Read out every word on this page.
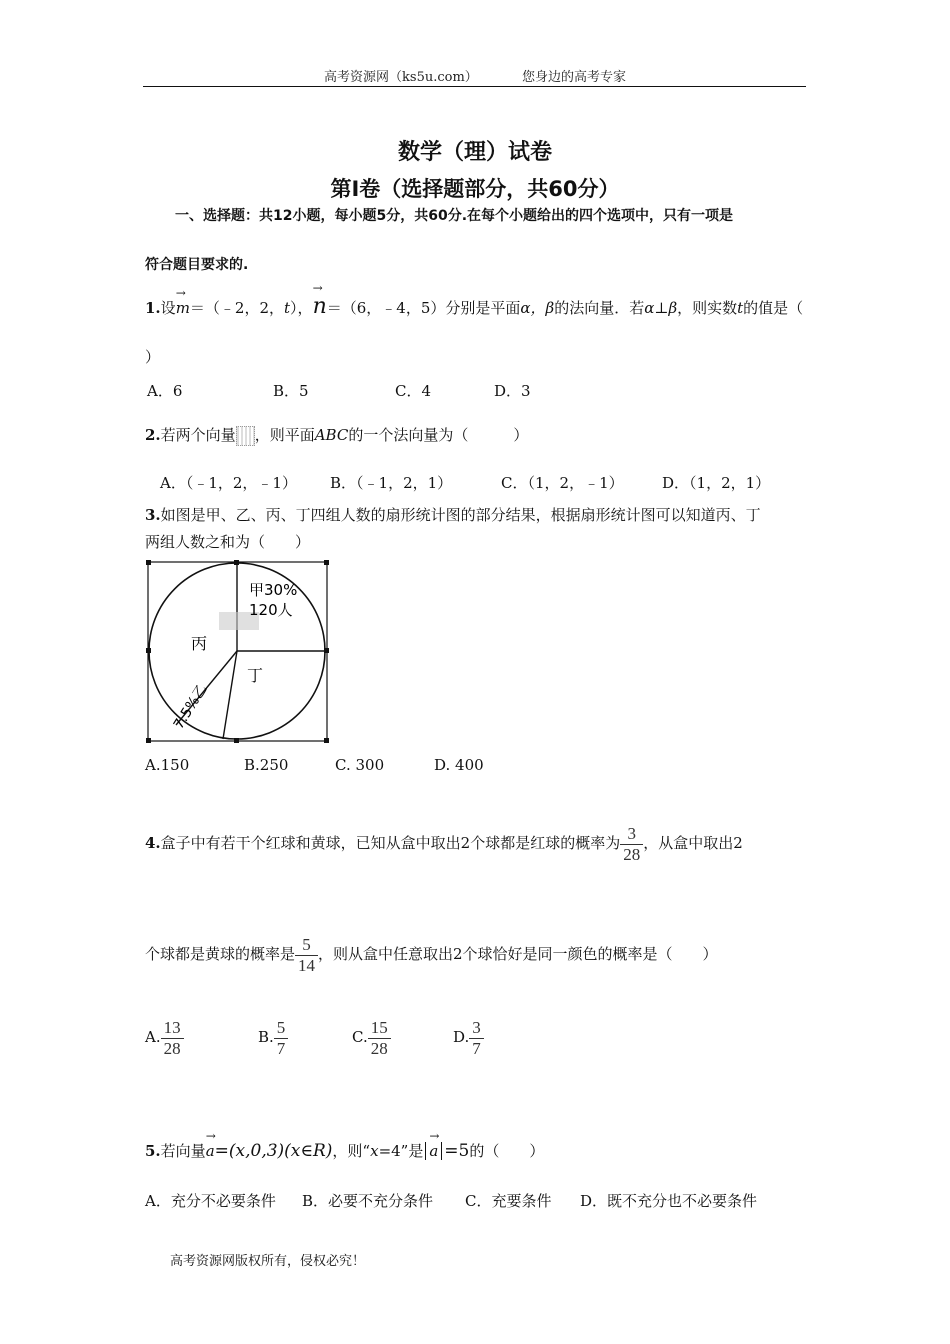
高考资源网（ks5u.com）	您身边的高考专家
数学（理）试卷
第Ⅰ卷（选择题部分，共60分）
一、选择题：共12小题，每小题5分，共60分.在每个小题给出的四个选项中，只有一项是
符合题目要求的.
1.设→ m＝（﹣2，2，t），→ n＝（6，﹣4，5）分别是平面α，β的法向量．若α⊥β，则实数t的值是（
）
A．6	B．5	C．4	D．3
2.若两个向量 ，则平面ABC的一个法向量为（　　　）
A．（﹣1，2，﹣1） B．（﹣1，2，1）	C．（1，2，﹣1）	D．（1，2，1）
3.如图是甲、乙、丙、丁四组人数的扇形统计图的部分结果，根据扇形统计图可以知道丙、丁
两组人数之和为（　　）
甲30%
120人
丙
丁
7.5%乙
A.150	B.250	C. 300	D. 400
4.盒子中有若干个红球和黄球，已知从盒中取出2个球都是红球的概率为 $\frac{3}{28}$ ，从盒中取出2
个球都是黄球的概率是 $\frac{5}{14}$ ，则从盒中任意取出2个球恰好是同一颜色的概率是（　　）
A. $\frac{13}{28}$	B. $\frac{5}{7}$	C. $\frac{15}{28}$	D. $\frac{3}{7}$
5.若向量→ a=(x,0,3)(x∈R)，则“x=4”是→ a =5的（　　）
A．充分不必要条件 B．必要不充分条件 C．充要条件 D．既不充分也不必要条件
高考资源网版权所有，侵权必究！
